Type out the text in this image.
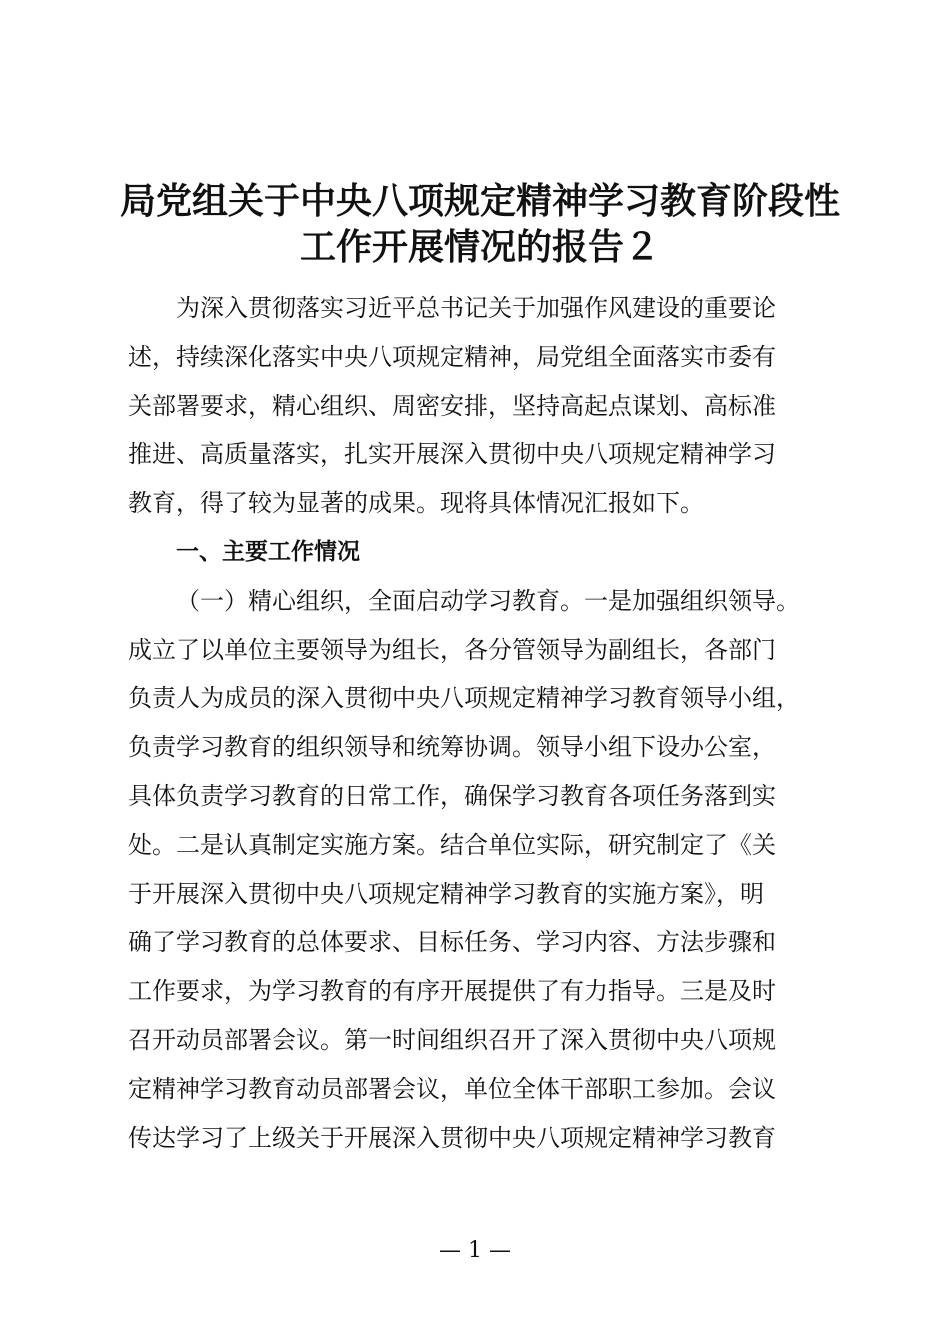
局党组关于中央八项规定精神学习教育阶段性
工作开展情况的报告２
为深入贯彻落实习近平总书记关于加强作风建设的重要论
述，持续深化落实中央八项规定精神，局党组全面落实市委有
关部署要求，精心组织、周密安排，坚持高起点谋划、高标准
推进、高质量落实，扎实开展深入贯彻中央八项规定精神学习
教育，得了较为显著的成果。现将具体情况汇报如下。
一、主要工作情况
（一）精心组织，全面启动学习教育。一是加强组织领导。
成立了以单位主要领导为组长，各分管领导为副组长，各部门
负责人为成员的深入贯彻中央八项规定精神学习教育领导小组，
负责学习教育的组织领导和统筹协调。领导小组下设办公室，
具体负责学习教育的日常工作，确保学习教育各项任务落到实
处。二是认真制定实施方案。结合单位实际，研究制定了《关
于开展深入贯彻中央八项规定精神学习教育的实施方案》，明
确了学习教育的总体要求、目标任务、学习内容、方法步骤和
工作要求，为学习教育的有序开展提供了有力指导。三是及时
召开动员部署会议。第一时间组织召开了深入贯彻中央八项规
定精神学习教育动员部署会议，单位全体干部职工参加。会议
传达学习了上级关于开展深入贯彻中央八项规定精神学习教育
— 1 —
